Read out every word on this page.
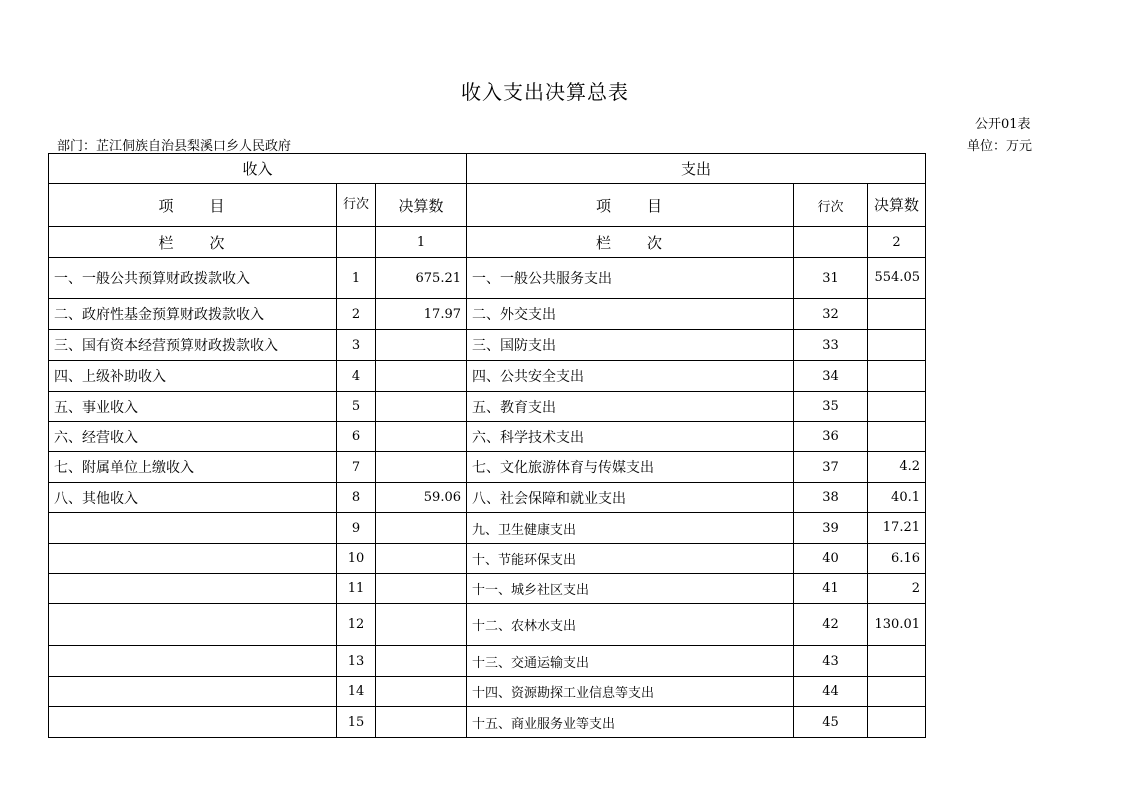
收入支出决算总表
公开01表
部门：芷江侗族自治县梨溪口乡人民政府	单位：万元
收入			支出		
项　　目	行次	决算数	项　　目	行次	决算数
栏　　次		1	栏　　次		2
一、一般公共预算财政拨款收入	1	675.21	一、一般公共服务支出	31	554.05
二、政府性基金预算财政拨款收入	2	17.97	二、外交支出	32	
三、国有资本经营预算财政拨款收入	3		三、国防支出	33	
四、上级补助收入	4		四、公共安全支出	34	
五、事业收入	5		五、教育支出	35	
六、经营收入	6		六、科学技术支出	36	
七、附属单位上缴收入	7		七、文化旅游体育与传媒支出	37	4.2
八、其他收入	8	59.06	八、社会保障和就业支出	38	40.1
	9		九、卫生健康支出	39	17.21
	10		十、节能环保支出	40	6.16
	11		十一、城乡社区支出	41	2
	12		十二、农林水支出	42	130.01
	13		十三、交通运输支出	43	
	14		十四、资源勘探工业信息等支出	44	
	15		十五、商业服务业等支出	45	
